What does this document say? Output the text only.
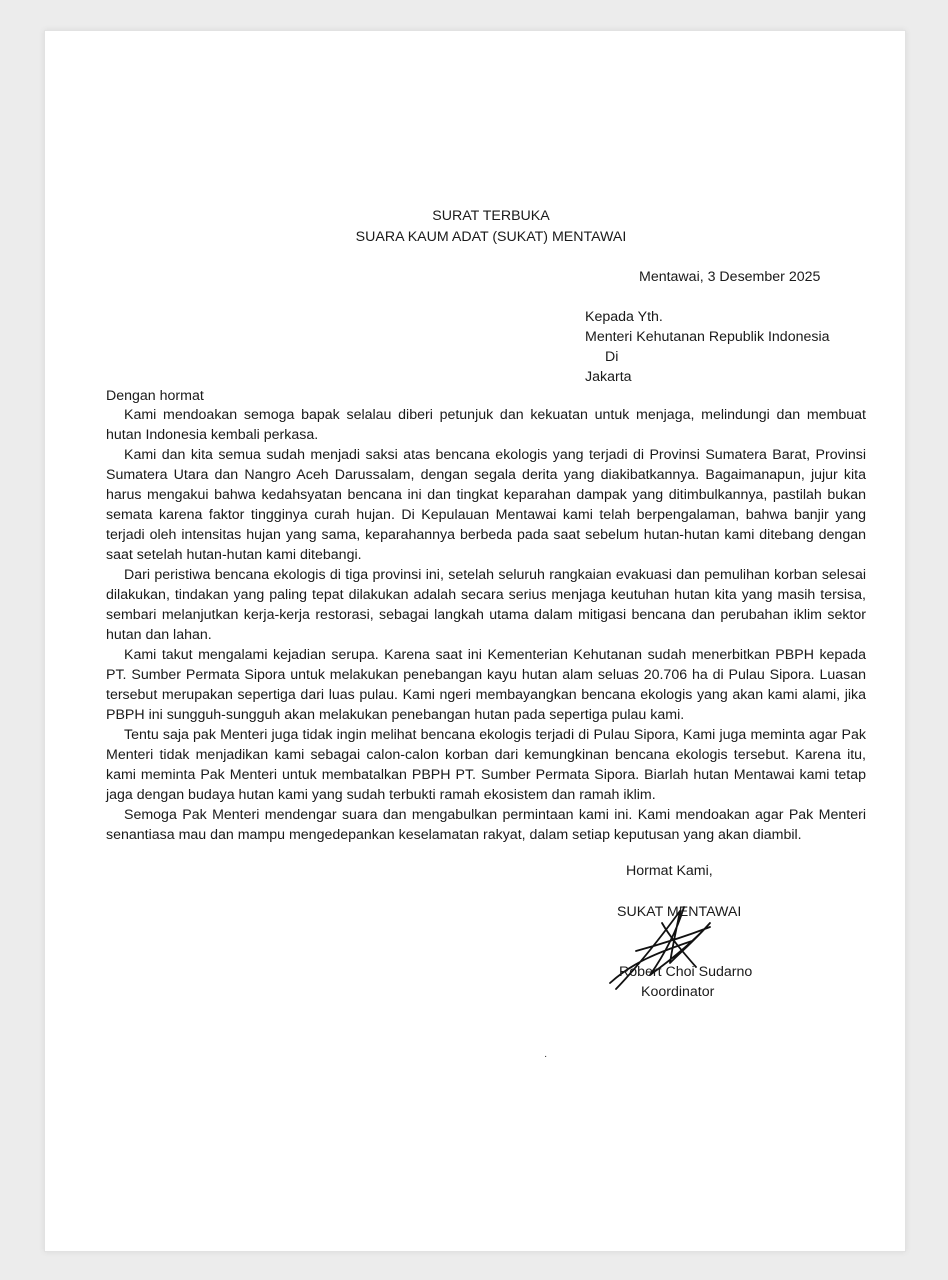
SURAT TERBUKA
SUARA KAUM ADAT (SUKAT) MENTAWAI
Mentawai, 3 Desember 2025
Kepada Yth.
Menteri Kehutanan Republik Indonesia
Di
Jakarta
Dengan hormat

Kami mendoakan semoga bapak selalau diberi petunjuk dan kekuatan untuk menjaga, melindungi dan membuat hutan Indonesia kembali perkasa.

Kami dan kita semua sudah menjadi saksi atas bencana ekologis yang terjadi di Provinsi Sumatera Barat, Provinsi Sumatera Utara dan Nangro Aceh Darussalam, dengan segala derita yang diakibatkannya. Bagaimanapun, jujur kita harus mengakui bahwa kedahsyatan bencana ini dan tingkat keparahan dampak yang ditimbulkannya, pastilah bukan semata karena faktor tingginya curah hujan. Di Kepulauan Mentawai kami telah berpengalaman, bahwa banjir yang terjadi oleh intensitas hujan yang sama, keparahannya berbeda pada saat sebelum hutan-hutan kami ditebang dengan saat setelah hutan-hutan kami ditebangi.

Dari peristiwa bencana ekologis di tiga provinsi ini, setelah seluruh rangkaian evakuasi dan pemulihan korban selesai dilakukan, tindakan yang paling tepat dilakukan adalah secara serius menjaga keutuhan hutan kita yang masih tersisa, sembari melanjutkan kerja-kerja restorasi, sebagai langkah utama dalam mitigasi bencana dan perubahan iklim sektor hutan dan lahan.

Kami takut mengalami kejadian serupa. Karena saat ini Kementerian Kehutanan sudah menerbitkan PBPH kepada PT. Sumber Permata Sipora untuk melakukan penebangan kayu hutan alam seluas 20.706 ha di Pulau Sipora. Luasan tersebut merupakan sepertiga dari luas pulau. Kami ngeri membayangkan bencana ekologis yang akan kami alami, jika PBPH ini sungguh-sungguh akan melakukan penebangan hutan pada sepertiga pulau kami.

Tentu saja pak Menteri juga tidak ingin melihat bencana ekologis terjadi di Pulau Sipora, Kami juga meminta agar Pak Menteri tidak menjadikan kami sebagai calon-calon korban dari kemungkinan bencana ekologis tersebut. Karena itu, kami meminta Pak Menteri untuk membatalkan PBPH PT. Sumber Permata Sipora. Biarlah hutan Mentawai kami tetap jaga dengan budaya hutan kami yang sudah terbukti ramah ekosistem dan ramah iklim.

Semoga Pak Menteri mendengar suara dan mengabulkan permintaan kami ini. Kami mendoakan agar Pak Menteri senantiasa mau dan mampu mengedepankan keselamatan rakyat, dalam setiap keputusan yang akan diambil.

Hormat Kami,
SUKAT MENTAWAI
Robert Choi Sudarno
Koordinator
·
